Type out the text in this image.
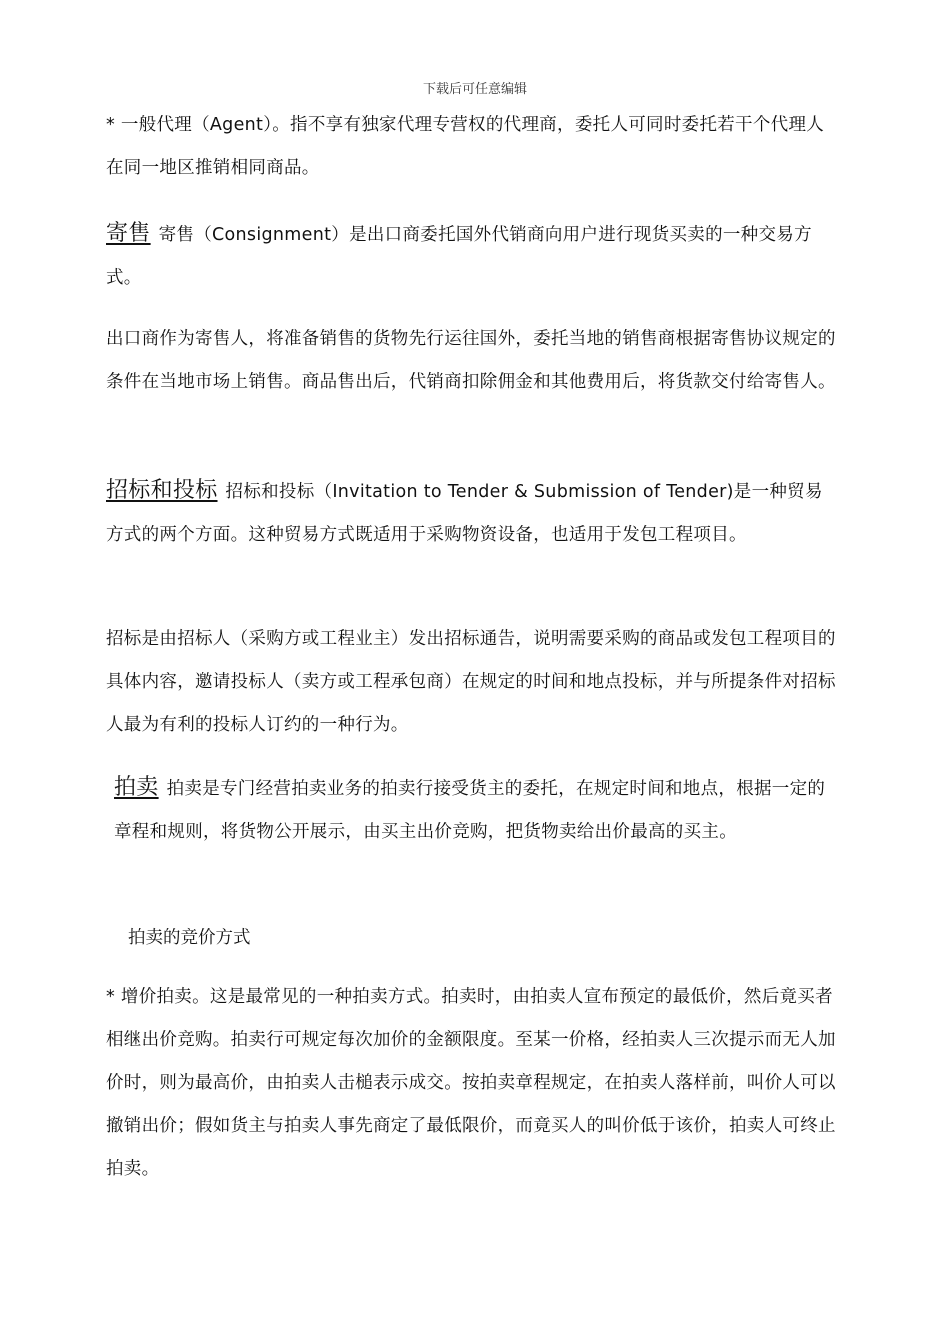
下载后可任意编辑
* 一般代理（Agent）。指不享有独家代理专营权的代理商，委托人可同时委托若干个代理人在同一地区推销相同商品。
寄售 寄售（Consignment）是出口商委托国外代销商向用户进行现货买卖的一种交易方式。
出口商作为寄售人，将准备销售的货物先行运往国外，委托当地的销售商根据寄售协议规定的条件在当地市场上销售。商品售出后，代销商扣除佣金和其他费用后，将货款交付给寄售人。
招标和投标 招标和投标（Invitation to Tender & Submission of Tender)是一种贸易方式的两个方面。这种贸易方式既适用于采购物资设备，也适用于发包工程项目。
招标是由招标人（采购方或工程业主）发出招标通告，说明需要采购的商品或发包工程项目的具体内容，邀请投标人（卖方或工程承包商）在规定的时间和地点投标，并与所提条件对招标人最为有利的投标人订约的一种行为。
拍卖 拍卖是专门经营拍卖业务的拍卖行接受货主的委托，在规定时间和地点，根据一定的章程和规则，将货物公开展示，由买主出价竞购，把货物卖给出价最高的买主。
拍卖的竞价方式
* 增价拍卖。这是最常见的一种拍卖方式。拍卖时，由拍卖人宣布预定的最低价，然后竟买者相继出价竞购。拍卖行可规定每次加价的金额限度。至某一价格，经拍卖人三次提示而无人加价时，则为最高价，由拍卖人击槌表示成交。按拍卖章程规定，在拍卖人落样前，叫价人可以撤销出价；假如货主与拍卖人事先商定了最低限价，而竟买人的叫价低于该价，拍卖人可终止拍卖。
